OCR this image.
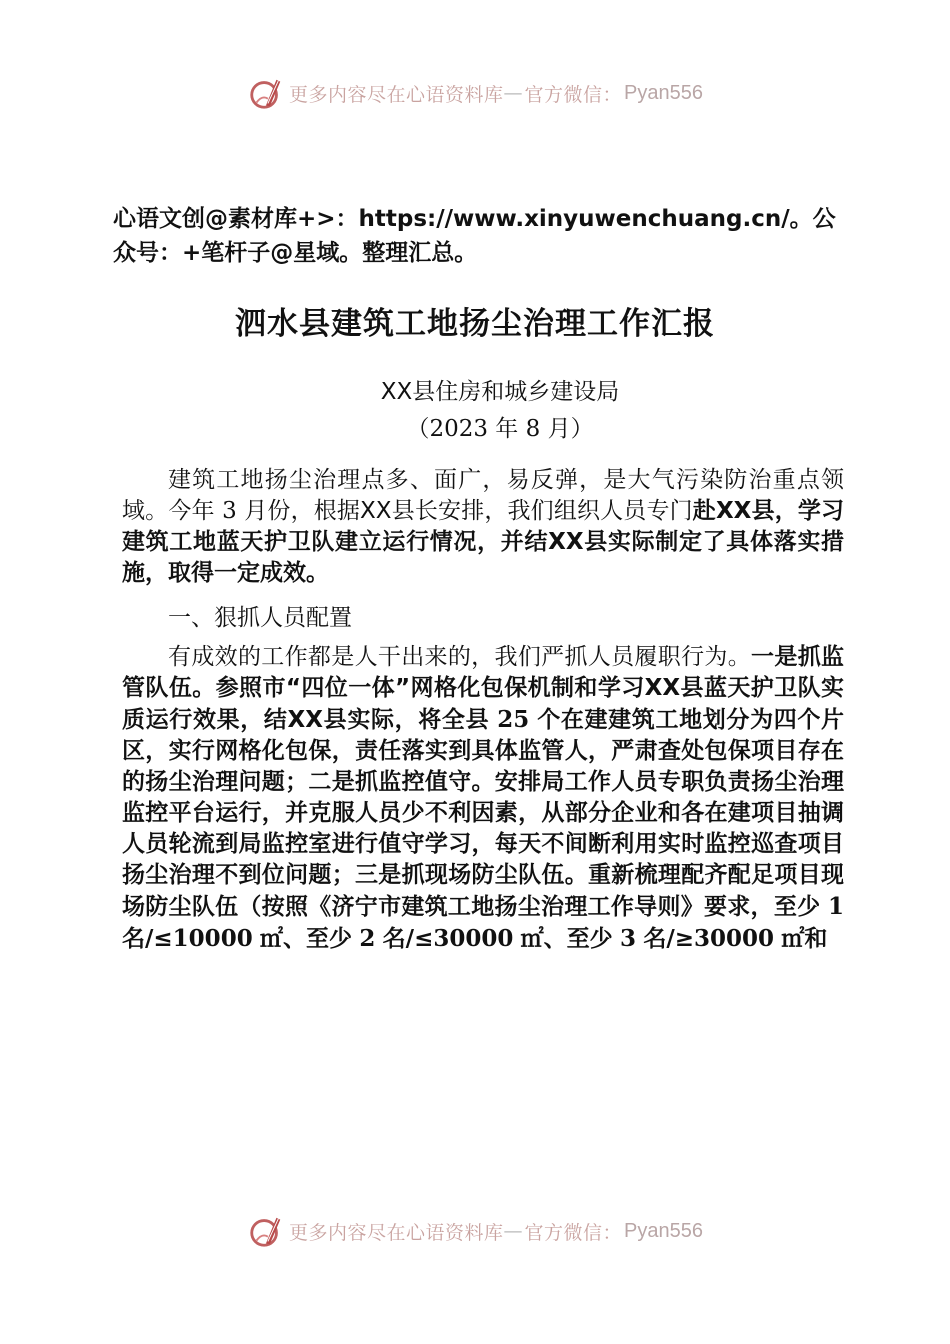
更多内容尽在心语资料库 — 官方微信： Pyan556
心语文创@素材库+>：https://www.xinyuwenchuang.cn/。公众号：+笔杆子@星域。整理汇总。
泗水县建筑工地扬尘治理工作汇报
XX县住房和城乡建设局
（2023 年 8 月）
建筑工地扬尘治理点多、面广，易反弹，是大气污染防治重点领域。今年 3 月份，根据XX县长安排，我们组织人员专门赴XX县，学习建筑工地蓝天护卫队建立运行情况，并结XX县实际制定了具体落实措施，取得一定成效。
一、狠抓人员配置
有成效的工作都是人干出来的，我们严抓人员履职行为。一是抓监管队伍。参照市“四位一体”网格化包保机制和学习XX县蓝天护卫队实质运行效果，结XX县实际，将全县 25 个在建建筑工地划分为四个片区，实行网格化包保，责任落实到具体监管人，严肃查处包保项目存在的扬尘治理问题；二是抓监控值守。安排局工作人员专职负责扬尘治理监控平台运行，并克服人员少不利因素，从部分企业和各在建项目抽调人员轮流到局监控室进行值守学习，每天不间断利用实时监控巡查项目扬尘治理不到位问题；三是抓现场防尘队伍。重新梳理配齐配足项目现场防尘队伍（按照《济宁市建筑工地扬尘治理工作导则》要求，至少 1 名/≤10000 ㎡、至少 2 名/≤30000 ㎡、至少 3 名/≥30000 ㎡和
更多内容尽在心语资料库 — 官方微信： Pyan556
